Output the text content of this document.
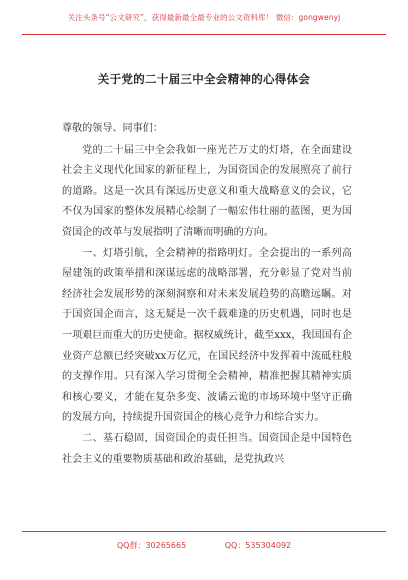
关注头条号“公文研究”，获得最新最全最专业的公文资料库！ 微信：gongwenyj
关于党的二十届三中全会精神的心得体会

尊敬的领导、同事们：

党的二十届三中全会我如一座光芒万丈的灯塔，在全面建设社会主义现代化国家的新征程上，为国资国企的发展照亮了前行的道路。这是一次具有深远历史意义和重大战略意义的会议，它不仅为国家的整体发展精心绘制了一幅宏伟壮丽的蓝图，更为国资国企的改革与发展指明了清晰而明确的方向。

一、灯塔引航，全会精神的指路明灯。全会提出的一系列高屋建瓴的政策举措和深谋远虑的战略部署，充分彰显了党对当前经济社会发展形势的深刻洞察和对未来发展趋势的高瞻远瞩。对于国资国企而言，这无疑是一次千载难逢的历史机遇，同时也是一项艰巨而重大的历史使命。据权威统计，截至xxx，我国国有企业资产总额已经突破xx万亿元，在国民经济中发挥着中流砥柱般的支撑作用。只有深入学习贯彻全会精神，精准把握其精神实质和核心要义，才能在复杂多变、波谲云诡的市场环境中坚守正确的发展方向，持续提升国资国企的核心竞争力和综合实力。

二、基石稳固，国资国企的责任担当。国资国企是中国特色社会主义的重要物质基础和政治基础，是党执政兴

QQ群：30265665	QQ：535304092
